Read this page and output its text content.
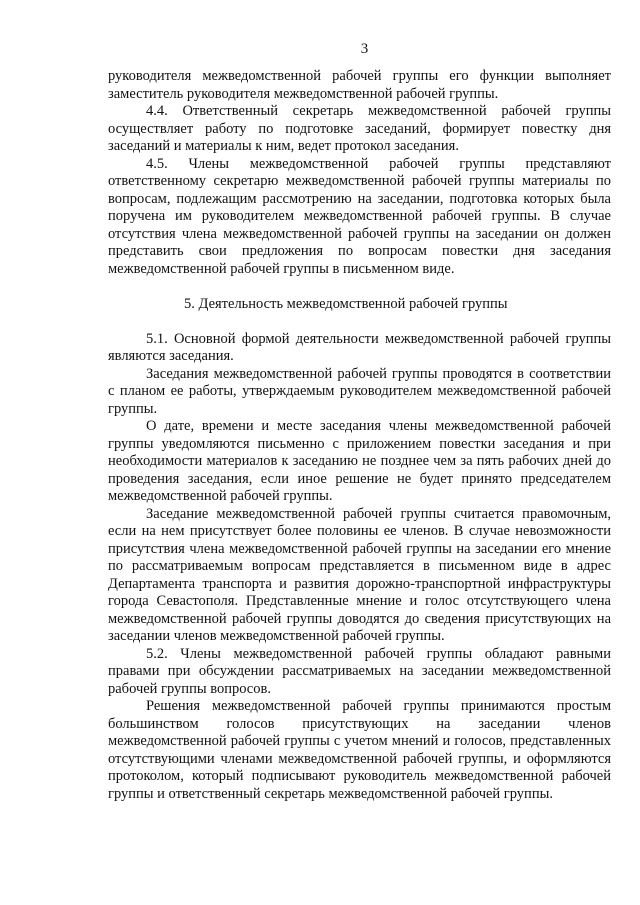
3

руководителя межведомственной рабочей группы его функции выполняет заместитель руководителя межведомственной рабочей группы.

4.4. Ответственный секретарь межведомственной рабочей группы осуществляет работу по подготовке заседаний, формирует повестку дня заседаний и материалы к ним, ведет протокол заседания.

4.5. Члены межведомственной рабочей группы представляют ответственному секретарю межведомственной рабочей группы материалы по вопросам, подлежащим рассмотрению на заседании, подготовка которых была поручена им руководителем межведомственной рабочей группы. В случае отсутствия члена межведомственной рабочей группы на заседании он должен представить свои предложения по вопросам повестки дня заседания межведомственной рабочей группы в письменном виде.

5. Деятельность межведомственной рабочей группы

5.1. Основной формой деятельности межведомственной рабочей группы являются заседания.

Заседания межведомственной рабочей группы проводятся в соответствии с планом ее работы, утверждаемым руководителем межведомственной рабочей группы.

О дате, времени и месте заседания члены межведомственной рабочей группы уведомляются письменно с приложением повестки заседания и при необходимости материалов к заседанию не позднее чем за пять рабочих дней до проведения заседания, если иное решение не будет принято председателем межведомственной рабочей группы.

Заседание межведомственной рабочей группы считается правомочным, если на нем присутствует более половины ее членов. В случае невозможности присутствия члена межведомственной рабочей группы на заседании его мнение по рассматриваемым вопросам представляется в письменном виде в адрес Департамента транспорта и развития дорожно-транспортной инфраструктуры города Севастополя. Представленные мнение и голос отсутствующего члена межведомственной рабочей группы доводятся до сведения присутствующих на заседании членов межведомственной рабочей группы.

5.2. Члены межведомственной рабочей группы обладают равными правами при обсуждении рассматриваемых на заседании межведомственной рабочей группы вопросов.

Решения межведомственной рабочей группы принимаются простым большинством голосов присутствующих на заседании членов межведомственной рабочей группы с учетом мнений и голосов, представленных отсутствующими членами межведомственной рабочей группы, и оформляются протоколом, который подписывают руководитель межведомственной рабочей группы и ответственный секретарь межведомственной рабочей группы.
